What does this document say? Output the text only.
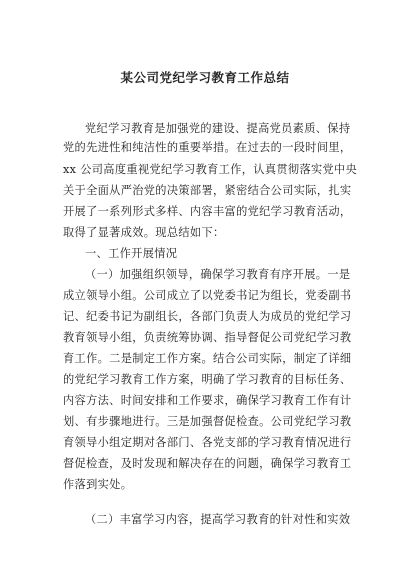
某公司党纪学习教育工作总结
党纪学习教育是加强党的建设、提高党员素质、保持
党的先进性和纯洁性的重要举措。在过去的一段时间里，
xx 公司高度重视党纪学习教育工作，认真贯彻落实党中央
关于全面从严治党的决策部署，紧密结合公司实际，扎实
开展了一系列形式多样、内容丰富的党纪学习教育活动，
取得了显著成效。现总结如下：
一、工作开展情况
（一）加强组织领导，确保学习教育有序开展。一是
成立领导小组。公司成立了以党委书记为组长，党委副书
记、纪委书记为副组长，各部门负责人为成员的党纪学习
教育领导小组，负责统筹协调、指导督促公司党纪学习教
育工作。二是制定工作方案。结合公司实际，制定了详细
的党纪学习教育工作方案，明确了学习教育的目标任务、
内容方法、时间安排和工作要求，确保学习教育工作有计
划、有步骤地进行。三是加强督促检查。公司党纪学习教
育领导小组定期对各部门、各党支部的学习教育情况进行
督促检查，及时发现和解决存在的问题，确保学习教育工
作落到实处。
（二）丰富学习内容，提高学习教育的针对性和实效
